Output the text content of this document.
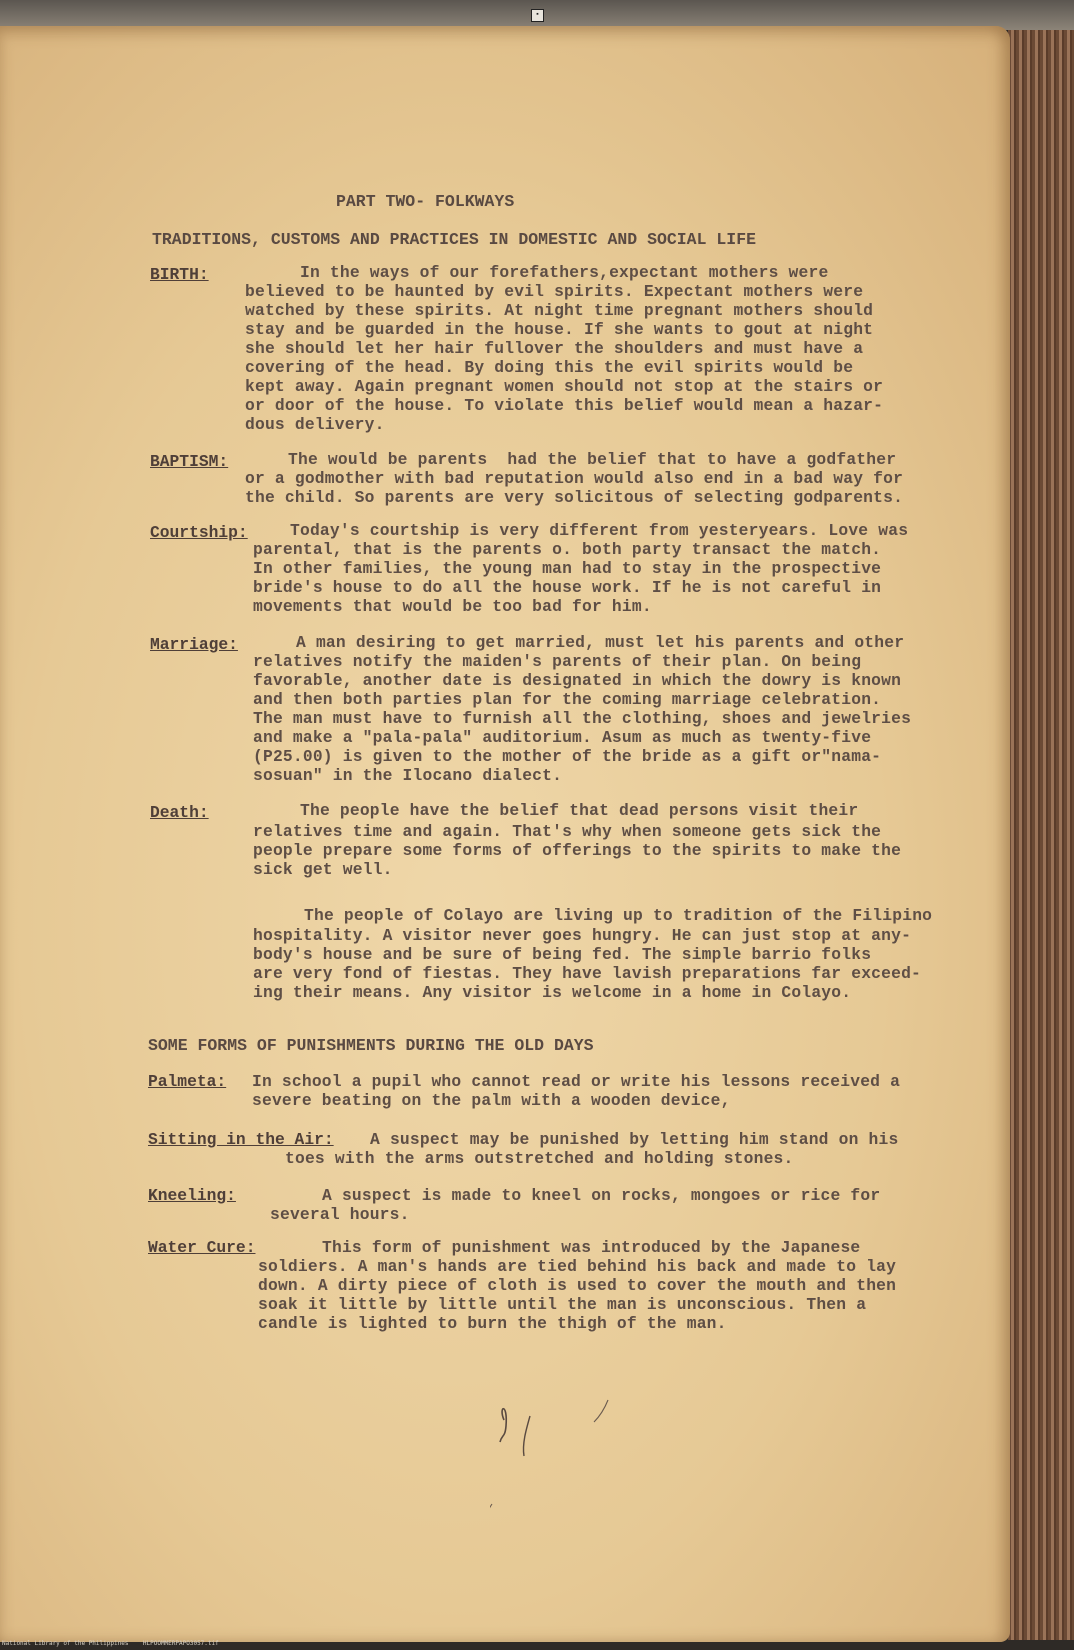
▪
PART TWO- FOLKWAYS
TRADITIONS, CUSTOMS AND PRACTICES IN DOMESTIC AND SOCIAL LIFE
BIRTH:	In the ways of our forefathers,expectant mothers were
believed to be haunted by evil spirits. Expectant mothers were
watched by these spirits. At night time pregnant mothers should
stay and be guarded in the house. If she wants to gout at night
she should let her hair fullover the shoulders and must have a
covering of the head. By doing this the evil spirits would be
kept away. Again pregnant women should not stop at the stairs or
or door of the house. To violate this belief would mean a hazar-
dous delivery.
BAPTISM:	The would be parents  had the belief that to have a godfather
or a godmother with bad reputation would also end in a bad way for
the child. So parents are very solicitous of selecting godparents.
Courtship:	Today's courtship is very different from yesteryears. Love was
parental, that is the parents o. both party transact the match.
In other families, the young man had to stay in the prospective
bride's house to do all the house work. If he is not careful in
movements that would be too bad for him.
Marriage:	A man desiring to get married, must let his parents and other
relatives notify the maiden's parents of their plan. On being
favorable, another date is designated in which the dowry is known
and then both parties plan for the coming marriage celebration.
The man must have to furnish all the clothing, shoes and jewelries
and make a "pala-pala" auditorium. Asum as much as twenty-five
(P25.00) is given to the mother of the bride as a gift or"nama-
sosuan" in the Ilocano dialect.
Death:	The people have the belief that dead persons visit their
relatives time and again. That's why when someone gets sick the
people prepare some forms of offerings to the spirits to make the
sick get well.
The people of Colayo are living up to tradition of the Filipino
hospitality. A visitor never goes hungry. He can just stop at any-
body's house and be sure of being fed. The simple barrio folks
are very fond of fiestas. They have lavish preparations far exceed-
ing their means. Any visitor is welcome in a home in Colayo.
SOME FORMS OF PUNISHMENTS DURING THE OLD DAYS
Palmeta: In school a pupil who cannot read or write his lessons received a
severe beating on the palm with a wooden device,
Sitting in the Air: A suspect may be punished by letting him stand on his
toes with the arms outstretched and holding stones.
Kneeling:	A suspect is made to kneel on rocks, mongoes or rice for
several hours.
Water Cure:	This form of punishment was introduced by the Japanese
soldiers. A man's hands are tied behind his back and made to lay
down. A dirty piece of cloth is used to cover the mouth and then
soak it little by little until the man is unconscious. Then a
candle is lighted to burn the thigh of the man.
National Library of the Philippines    HLPOOMMERPAPO3057.tif
